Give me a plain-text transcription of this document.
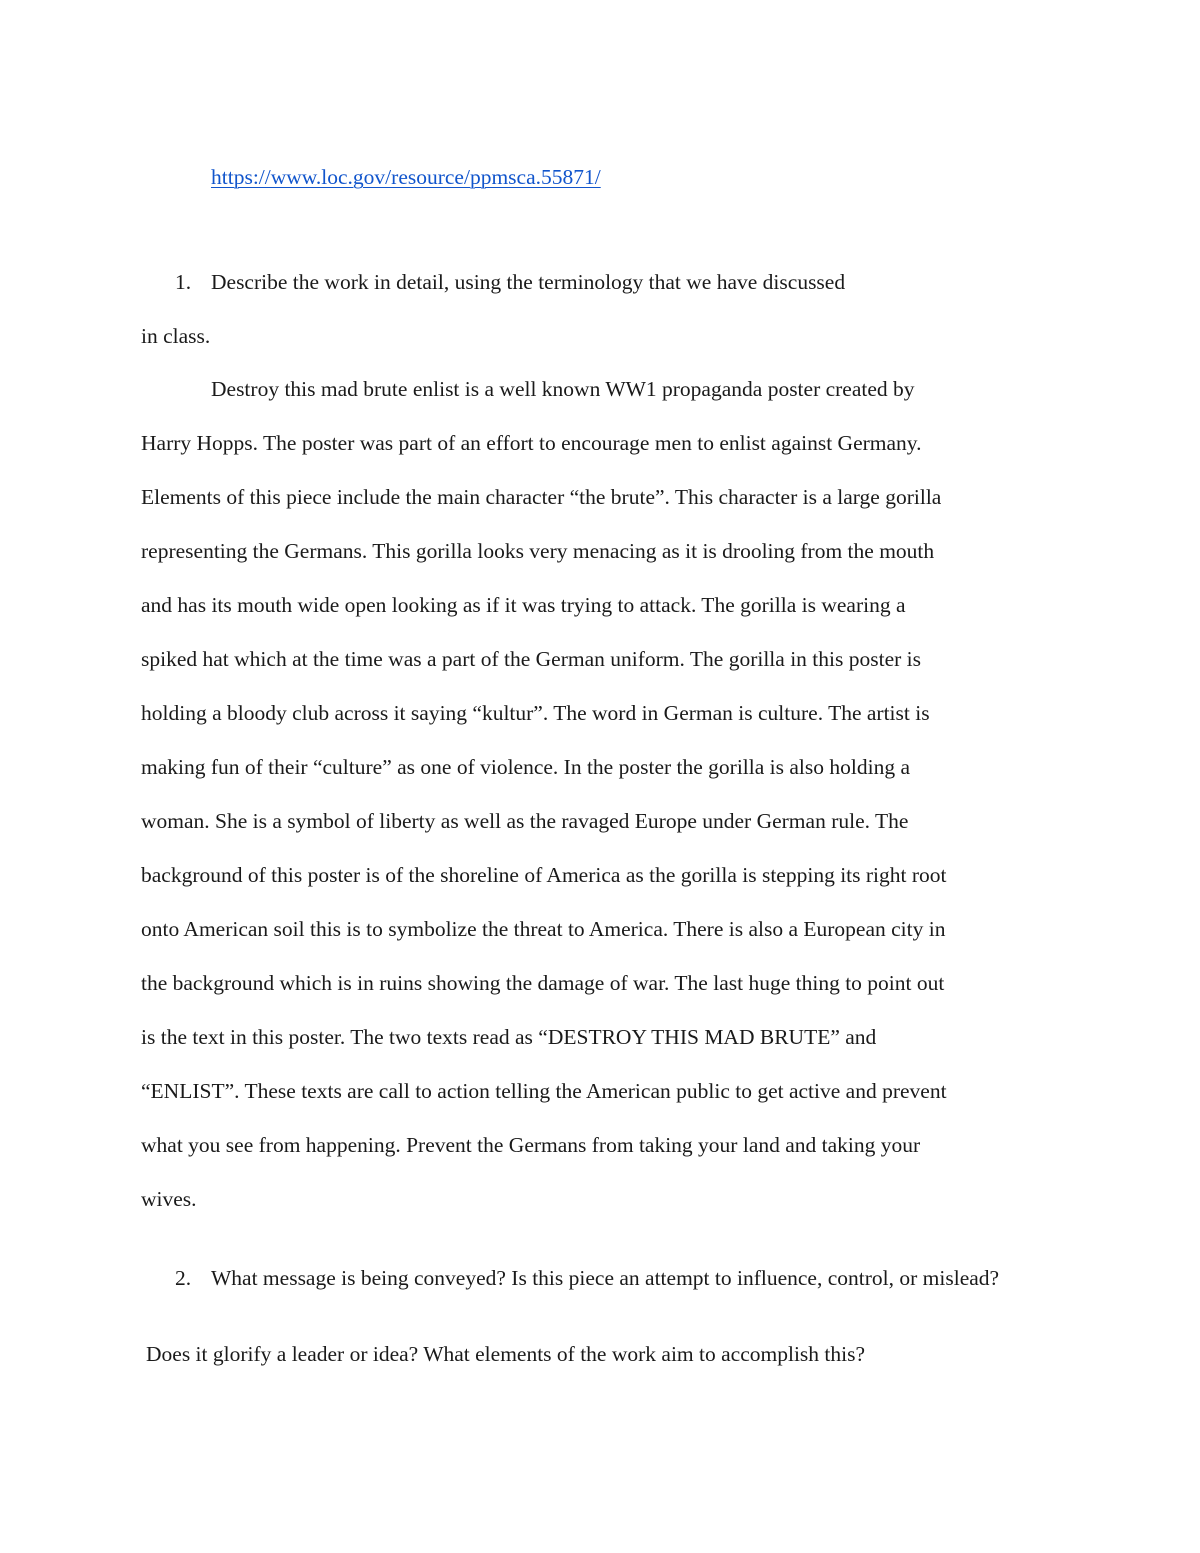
https://www.loc.gov/resource/ppmsca.55871/
1. Describe the work in detail, using the terminology that we have discussed
in class.
Destroy this mad brute enlist is a well known WW1 propaganda poster created by
Harry Hopps. The poster was part of an effort to encourage men to enlist against Germany.
Elements of this piece include the main character “the brute”. This character is a large gorilla
representing the Germans. This gorilla looks very menacing as it is drooling from the mouth
and has its mouth wide open looking as if it was trying to attack. The gorilla is wearing a
spiked hat which at the time was a part of the German uniform. The gorilla in this poster is
holding a bloody club across it saying “kultur”. The word in German is culture. The artist is
making fun of their “culture” as one of violence. In the poster the gorilla is also holding a
woman. She is a symbol of liberty as well as the ravaged Europe under German rule. The
background of this poster is of the shoreline of America as the gorilla is stepping its right root
onto American soil this is to symbolize the threat to America. There is also a European city in
the background which is in ruins showing the damage of war. The last huge thing to point out
is the text in this poster. The two texts read as “DESTROY THIS MAD BRUTE” and
“ENLIST”. These texts are call to action telling the American public to get active and prevent
what you see from happening. Prevent the Germans from taking your land and taking your
wives.
2. What message is being conveyed? Is this piece an attempt to influence, control, or mislead?
Does it glorify a leader or idea? What elements of the work aim to accomplish this?
